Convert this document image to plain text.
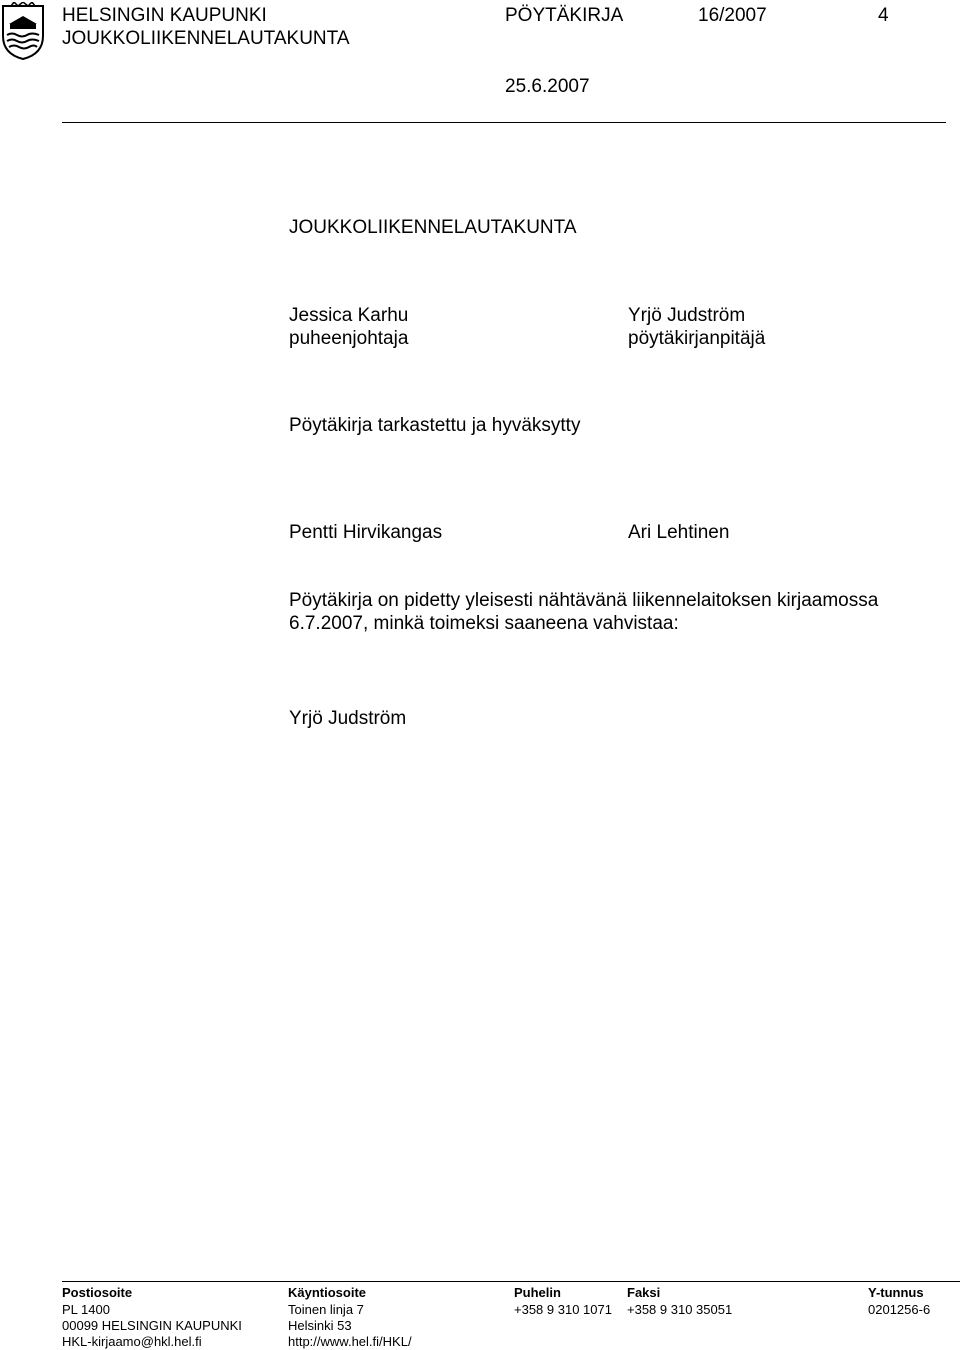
HELSINGIN KAUPUNKI
JOUKKOLIIKENNELAUTAKUNTA
PÖYTÄKIRJA	16/2007	4
25.6.2007
JOUKKOLIIKENNELAUTAKUNTA
Jessica Karhu
puheenjohtaja
Yrjö Judström
pöytäkirjanpitäjä
Pöytäkirja tarkastettu ja hyväksytty
Pentti Hirvikangas	Ari Lehtinen
Pöytäkirja on pidetty yleisesti nähtävänä liikennelaitoksen kirjaamossa
6.7.2007, minkä toimeksi saaneena vahvistaa:
Yrjö Judström
Postiosoite
PL 1400
00099 HELSINGIN KAUPUNKI
HKL-kirjaamo@hkl.hel.fi
Käyntiosoite
Toinen linja 7
Helsinki 53
http://www.hel.fi/HKL/
Puhelin
+358 9 310 1071
Faksi
+358 9 310 35051
Y-tunnus
0201256-6
